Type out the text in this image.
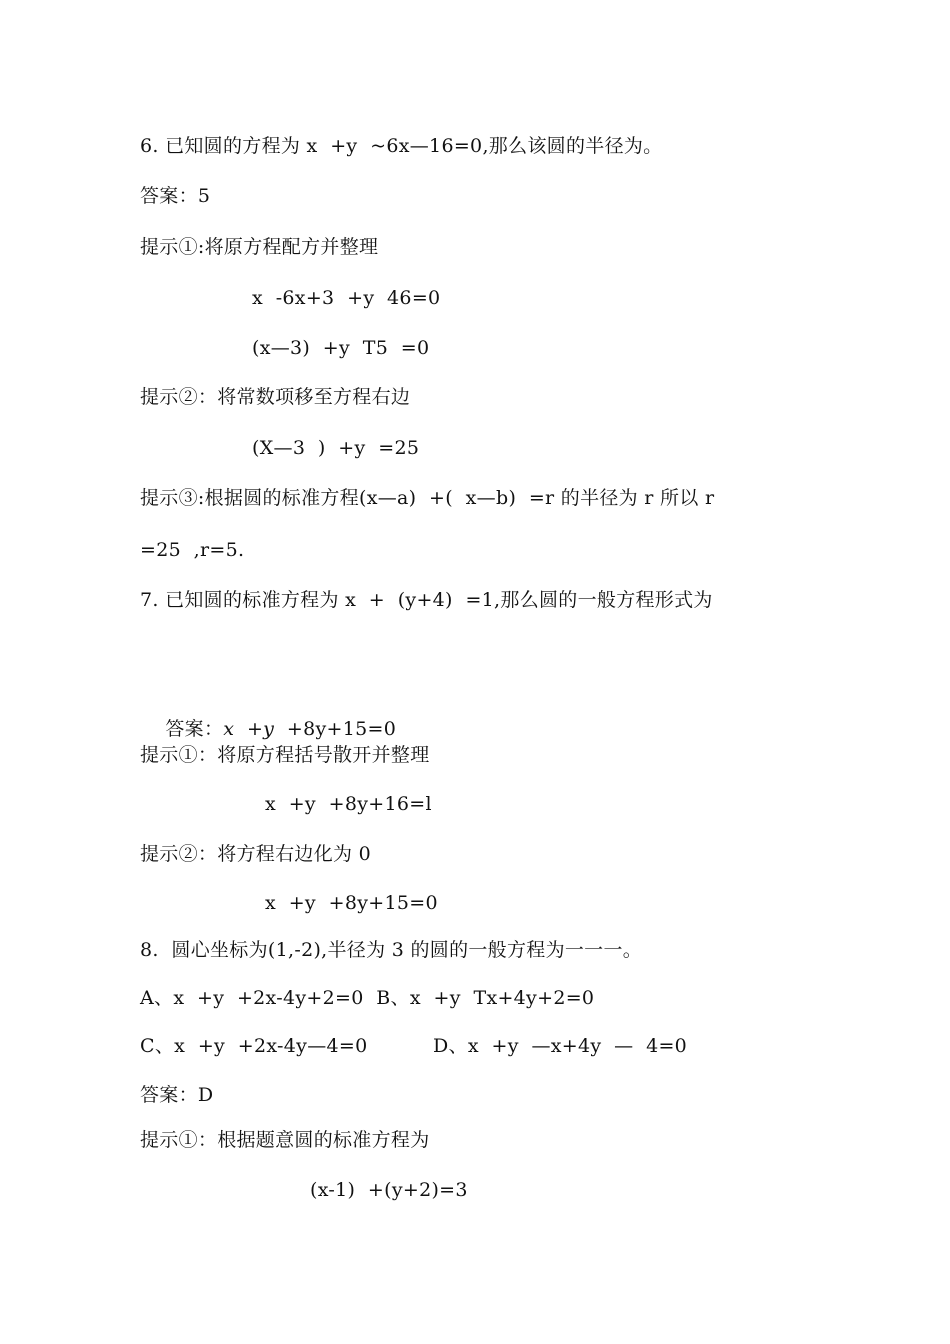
6. 已知圆的方程为 x  +y  ~6x—16=0,那么该圆的半径为。
答案：5
提示①:将原方程配方并整理
x  -6x+3  +y  46=0
(x—3)  +y  T5  =0
提示②：将常数项移至方程右边
(X—3  )  +y  =25
提示③:根据圆的标准方程(x—a)  +(  x—b)  =r 的半径为 r 所以 r
=25  ,r=5.
7. 已知圆的标准方程为 x  +  (y+4)  =1,那么圆的一般方程形式为

答案：x  +y +8y+15=0

提示①：将原方程括号散开并整理
x  +y  +8y+16=l
提示②：将方程右边化为 0
x  +y  +8y+15=0
8.  圆心坐标为(1,-2),半径为 3 的圆的一般方程为一一一。
A、x  +y  +2x-4y+2=0  B、x  +y  Tx+4y+2=0
C、x  +y  +2x-4y—4=0	D、x  +y  —x+4y  —  4=0
答案：D
提示①：根据题意圆的标准方程为
(x-1)  +(y+2)=3
